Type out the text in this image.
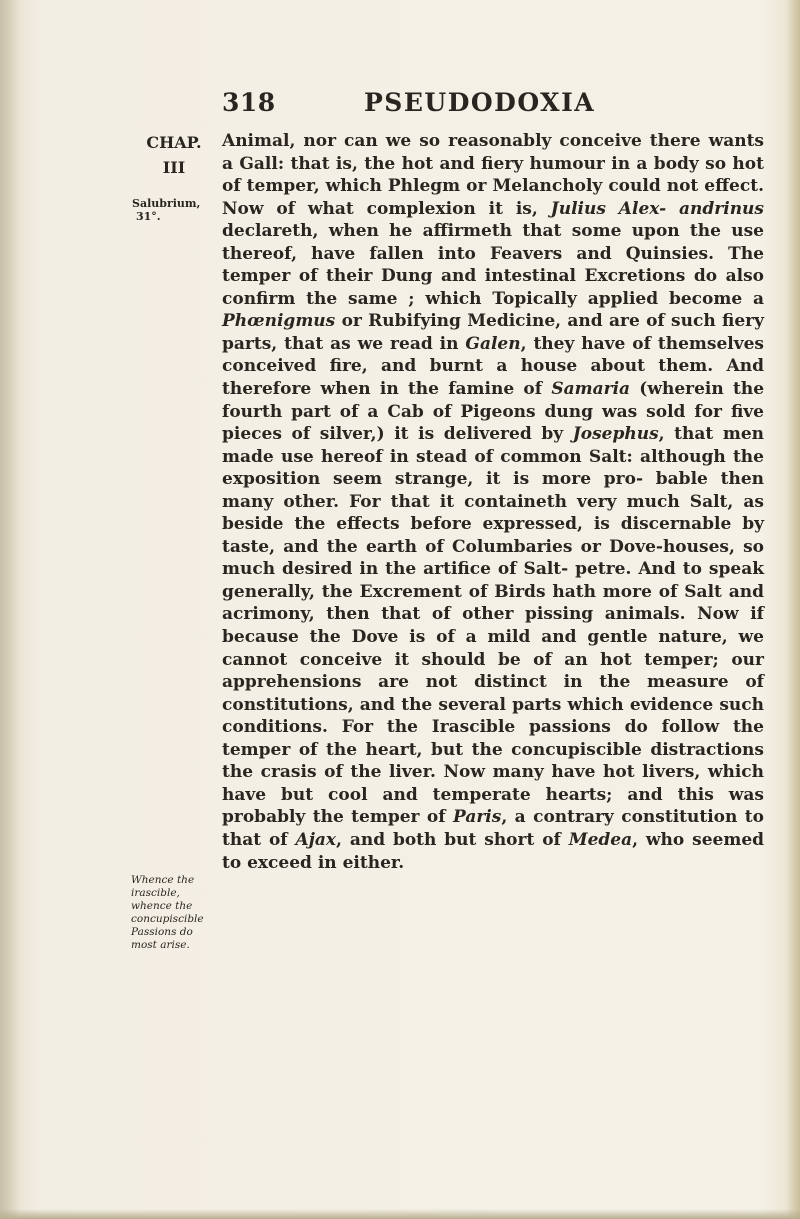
318	PSEUDODOXIA
CHAP.
III
Salubrium,
31°.
Whence the
irascible,
whence the
concupiscible
Passions do
most arise.

Animal, nor can we so reasonably conceive there wants a Gall: that is, the hot and fiery humour in a body so hot of temper, which Phlegm or Melancholy could not effect. Now of what complexion it is, Julius Alex- andrinus declareth, when he affirmeth that some upon the use thereof, have fallen into Feavers and Quinsies. The temper of their Dung and intestinal Excretions do also confirm the same ; which Topically applied become a Phœnigmus or Rubifying Medicine, and are of such fiery parts, that as we read in Galen, they have of themselves conceived fire, and burnt a house about them. And therefore when in the famine of Samaria (wherein the fourth part of a Cab of Pigeons dung was sold for five pieces of silver,) it is delivered by Josephus, that men made use hereof in stead of common Salt: although the exposition seem strange, it is more pro- bable then many other. For that it containeth very much Salt, as beside the effects before expressed, is discernable by taste, and the earth of Columbaries or Dove-houses, so much desired in the artifice of Salt- petre. And to speak generally, the Excrement of Birds hath more of Salt and acrimony, then that of other pissing animals. Now if because the Dove is of a mild and gentle nature, we cannot conceive it should be of an hot temper; our apprehensions are not distinct in the measure of constitutions, and the several parts which evidence such conditions. For the Irascible passions do follow the temper of the heart, but the concupiscible distractions the crasis of the liver. Now many have hot livers, which have but cool and temperate hearts; and this was probably the temper of Paris, a contrary constitution to that of Ajax, and both but short of Medea, who seemed to exceed in either.
